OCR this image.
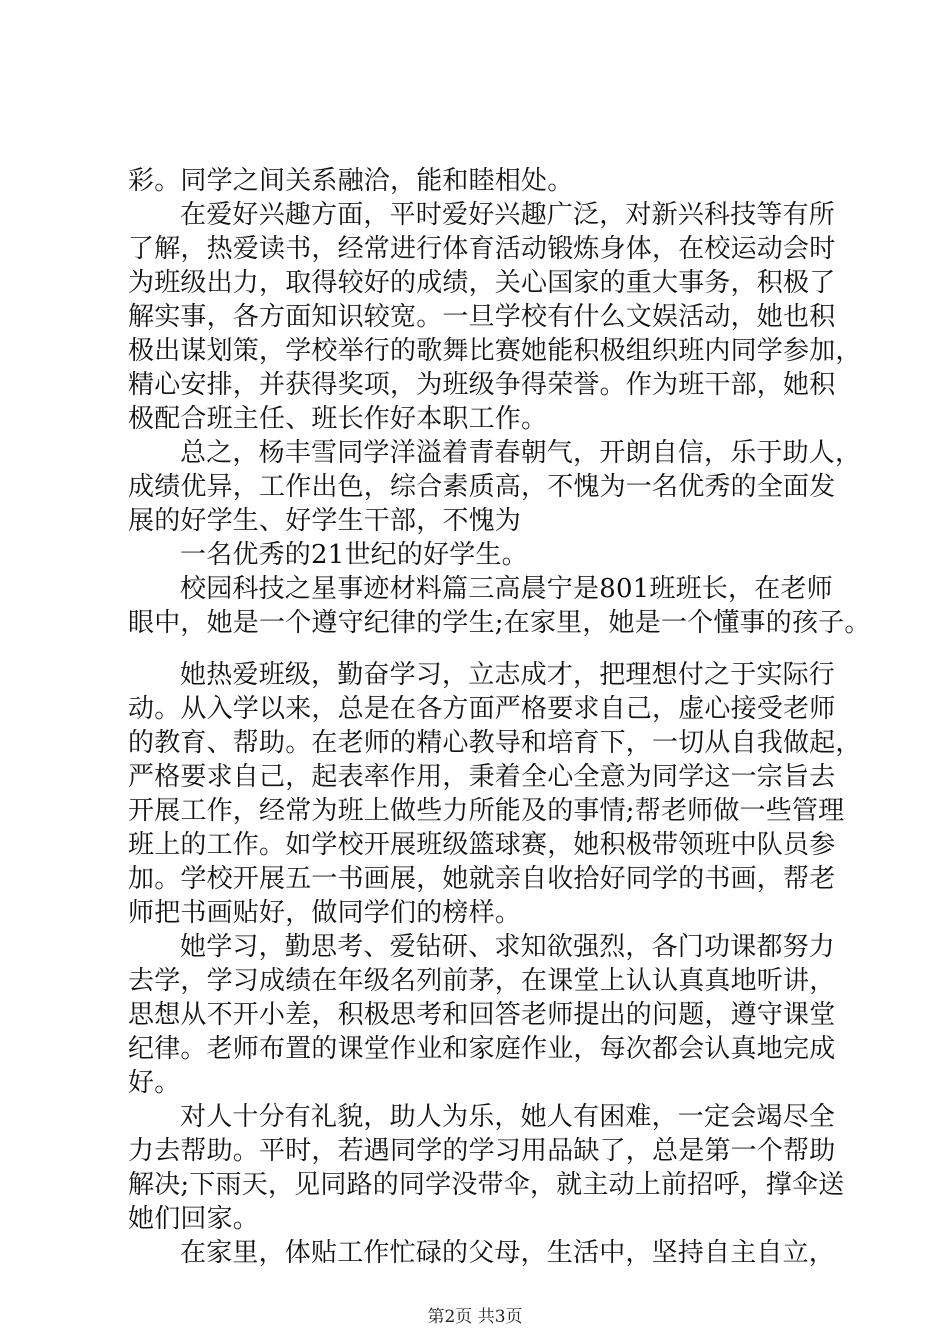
彩。同学之间关系融洽，能和睦相处。
在爱好兴趣方面，平时爱好兴趣广泛，对新兴科技等有所
了解，热爱读书，经常进行体育活动锻炼身体，在校运动会时
为班级出力，取得较好的成绩，关心国家的重大事务，积极了
解实事，各方面知识较宽。一旦学校有什么文娱活动，她也积
极出谋划策，学校举行的歌舞比赛她能积极组织班内同学参加，
精心安排，并获得奖项，为班级争得荣誉。作为班干部，她积
极配合班主任、班长作好本职工作。
总之，杨丰雪同学洋溢着青春朝气，开朗自信，乐于助人，
成绩优异，工作出色，综合素质高，不愧为一名优秀的全面发
展的好学生、好学生干部，不愧为
一名优秀的21世纪的好学生。
校园科技之星事迹材料篇三高晨宁是801班班长，在老师
眼中，她是一个遵守纪律的学生;在家里，她是一个懂事的孩子。
她热爱班级，勤奋学习，立志成才，把理想付之于实际行
动。从入学以来，总是在各方面严格要求自己，虚心接受老师
的教育、帮助。在老师的精心教导和培育下，一切从自我做起，
严格要求自己，起表率作用，秉着全心全意为同学这一宗旨去
开展工作，经常为班上做些力所能及的事情;帮老师做一些管理
班上的工作。如学校开展班级篮球赛，她积极带领班中队员参
加。学校开展五一书画展，她就亲自收拾好同学的书画，帮老
师把书画贴好，做同学们的榜样。
她学习，勤思考、爱钻研、求知欲强烈，各门功课都努力
去学，学习成绩在年级名列前茅，在课堂上认认真真地听讲，
思想从不开小差，积极思考和回答老师提出的问题，遵守课堂
纪律。老师布置的课堂作业和家庭作业，每次都会认真地完成
好。
对人十分有礼貌，助人为乐，她人有困难，一定会竭尽全
力去帮助。平时，若遇同学的学习用品缺了，总是第一个帮助
解决;下雨天，见同路的同学没带伞，就主动上前招呼，撑伞送
她们回家。
在家里，体贴工作忙碌的父母，生活中，坚持自主自立，
第2页 共3页
